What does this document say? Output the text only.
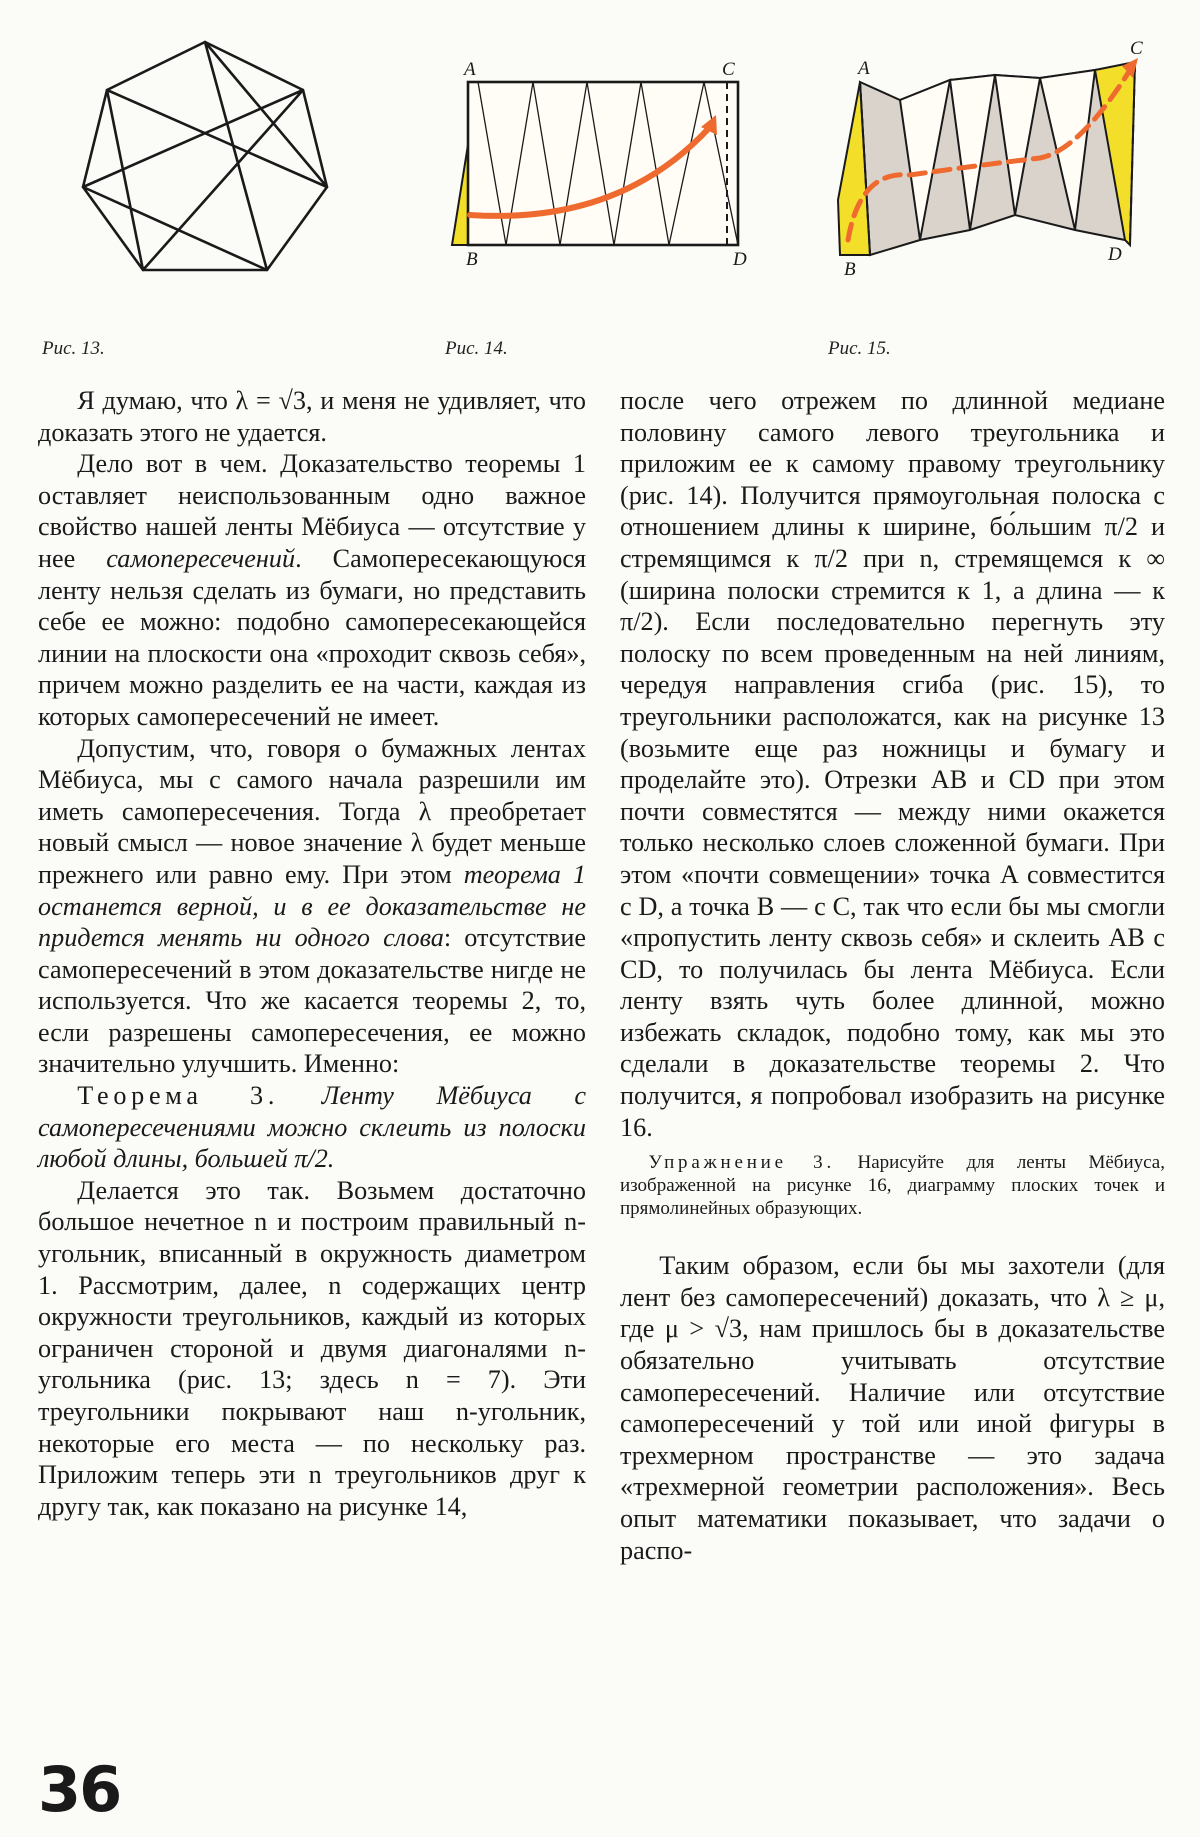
Рис. 13.
A	C
B	D
Рис. 14.
A
C
B
D
Рис. 15.

Я думаю, что λ = √3, и меня не удивляет, что доказать этого не удается.

Дело вот в чем. Доказательство теоремы 1 оставляет неиспользованным одно важное свойство нашей ленты Мёбиуса — отсутствие у нее самопересечений. Самопересекающуюся ленту нельзя сделать из бумаги, но представить себе ее можно: подобно самопересекающейся линии на плоскости она «проходит сквозь себя», причем можно разделить ее на части, каждая из которых самопересечений не имеет.

Допустим, что, говоря о бумажных лентах Мёбиуса, мы с самого начала разрешили им иметь самопересечения. Тогда λ преобретает новый смысл — новое значение λ будет меньше прежнего или равно ему. При этом теорема 1 останется верной, и в ее доказательстве не придется менять ни одного слова: отсутствие самопересечений в этом доказательстве нигде не используется. Что же касается теоремы 2, то, если разрешены самопересечения, ее можно значительно улучшить. Именно:

Теорема 3. Ленту Мёбиуса с самопересечениями можно склеить из полоски любой длины, большей π/2.

Делается это так. Возьмем достаточно большое нечетное n и построим правильный n-угольник, вписанный в окружность диаметром 1. Рассмотрим, далее, n содержащих центр окружности треугольников, каждый из которых ограничен стороной и двумя диагоналями n-угольника (рис. 13; здесь n = 7). Эти треугольники покрывают наш n-угольник, некоторые его места — по нескольку раз. Приложим теперь эти n треугольников друг к другу так, как показано на рисунке 14,

после чего отрежем по длинной медиане половину самого левого треугольника и приложим ее к самому правому треугольнику (рис. 14). Получится прямоугольная полоска с отношением длины к ширине, бо́льшим π/2 и стремящимся к π/2 при n, стремящемся к ∞ (ширина полоски стремится к 1, а длина — к π/2). Если последовательно перегнуть эту полоску по всем проведенным на ней линиям, чередуя направления сгиба (рис. 15), то треугольники расположатся, как на рисунке 13 (возьмите еще раз ножницы и бумагу и проделайте это). Отрезки AB и CD при этом почти совместятся — между ними окажется только несколько слоев сложенной бумаги. При этом «почти совмещении» точка A совместится с D, а точка B — с C, так что если бы мы смогли «пропустить ленту сквозь себя» и склеить AB с CD, то получилась бы лента Мёбиуса. Если ленту взять чуть более длинной, можно избежать складок, подобно тому, как мы это сделали в доказательстве теоремы 2. Что получится, я попробовал изобразить на рисунке 16.

Упражнение 3. Нарисуйте для ленты Мёбиуса, изображенной на рисунке 16, диаграмму плоских точек и прямолинейных образующих.

Таким образом, если бы мы захотели (для лент без самопересечений) доказать, что λ ≥ μ, где μ > √3, нам пришлось бы в доказательстве обязательно учитывать отсутствие самопересечений. Наличие или отсутствие самопересечений у той или иной фигуры в трехмерном пространстве — это задача «трехмерной геометрии расположения». Весь опыт математики показывает, что задачи о распо-

36
